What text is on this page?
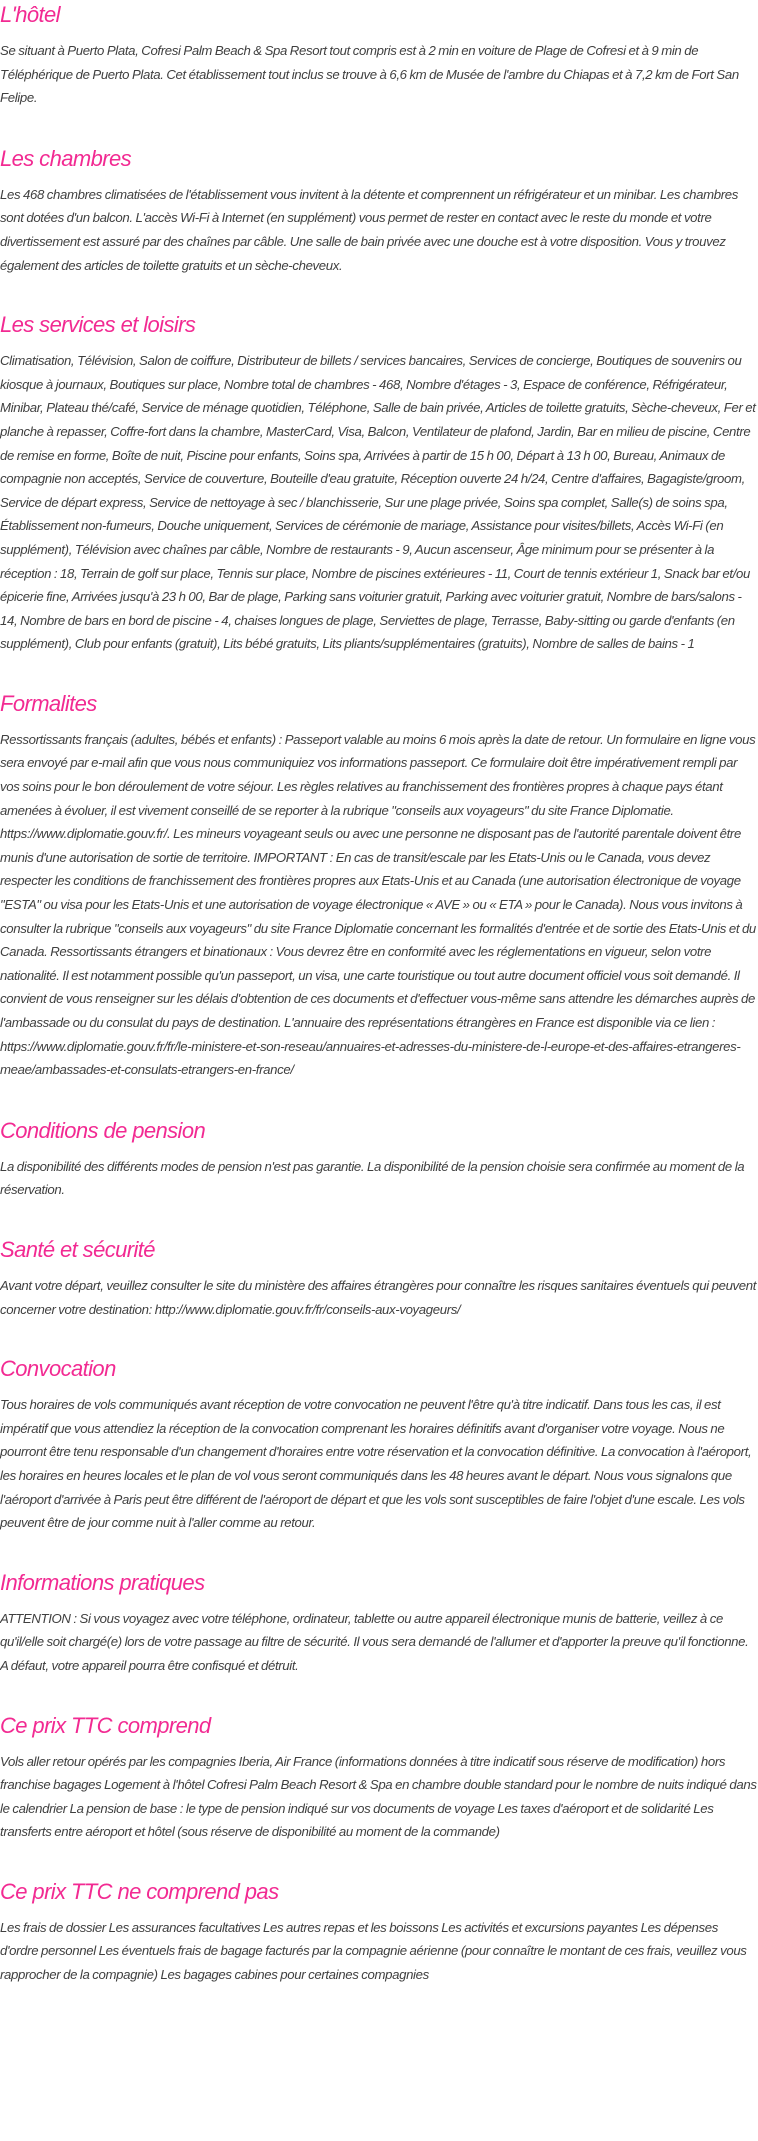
L'hôtel

Se situant à Puerto Plata, Cofresi Palm Beach & Spa Resort tout compris est à 2 min en voiture de Plage de Cofresi et à 9 min de Téléphérique de Puerto Plata. Cet établissement tout inclus se trouve à 6,6 km de Musée de l'ambre du Chiapas et à 7,2 km de Fort San Felipe.

Les chambres

Les 468 chambres climatisées de l'établissement vous invitent à la détente et comprennent un réfrigérateur et un minibar. Les chambres sont dotées d'un balcon. L'accès Wi-Fi à Internet (en supplément) vous permet de rester en contact avec le reste du monde et votre divertissement est assuré par des chaînes par câble. Une salle de bain privée avec une douche est à votre disposition. Vous y trouvez également des articles de toilette gratuits et un sèche-cheveux.

Les services et loisirs

Climatisation, Télévision, Salon de coiffure, Distributeur de billets / services bancaires, Services de concierge, Boutiques de souvenirs ou kiosque à journaux, Boutiques sur place, Nombre total de chambres - 468, Nombre d'étages - 3, Espace de conférence, Réfrigérateur, Minibar, Plateau thé/café, Service de ménage quotidien, Téléphone, Salle de bain privée, Articles de toilette gratuits, Sèche-cheveux, Fer et planche à repasser, Coffre-fort dans la chambre, MasterCard, Visa, Balcon, Ventilateur de plafond, Jardin, Bar en milieu de piscine, Centre de remise en forme, Boîte de nuit, Piscine pour enfants, Soins spa, Arrivées à partir de 15 h 00, Départ à 13 h 00, Bureau, Animaux de compagnie non acceptés, Service de couverture, Bouteille d'eau gratuite, Réception ouverte 24 h/24, Centre d'affaires, Bagagiste/groom, Service de départ express, Service de nettoyage à sec / blanchisserie, Sur une plage privée, Soins spa complet, Salle(s) de soins spa, Établissement non-fumeurs, Douche uniquement, Services de cérémonie de mariage, Assistance pour visites/billets, Accès Wi-Fi (en supplément), Télévision avec chaînes par câble, Nombre de restaurants - 9, Aucun ascenseur, Âge minimum pour se présenter à la réception : 18, Terrain de golf sur place, Tennis sur place, Nombre de piscines extérieures - 11, Court de tennis extérieur 1, Snack bar et/ou épicerie fine, Arrivées jusqu'à 23 h 00, Bar de plage, Parking sans voiturier gratuit, Parking avec voiturier gratuit, Nombre de bars/salons - 14, Nombre de bars en bord de piscine - 4, chaises longues de plage, Serviettes de plage, Terrasse, Baby-sitting ou garde d'enfants (en supplément), Club pour enfants (gratuit), Lits bébé gratuits, Lits pliants/supplémentaires (gratuits), Nombre de salles de bains - 1

Formalites

Ressortissants français (adultes, bébés et enfants) : Passeport valable au moins 6 mois après la date de retour. Un formulaire en ligne vous sera envoyé par e-mail afin que vous nous communiquiez vos informations passeport. Ce formulaire doit être impérativement rempli par vos soins pour le bon déroulement de votre séjour. Les règles relatives au franchissement des frontières propres à chaque pays étant amenées à évoluer, il est vivement conseillé de se reporter à la rubrique "conseils aux voyageurs" du site France Diplomatie. https://www.diplomatie.gouv.fr/. Les mineurs voyageant seuls ou avec une personne ne disposant pas de l'autorité parentale doivent être munis d'une autorisation de sortie de territoire. IMPORTANT : En cas de transit/escale par les Etats-Unis ou le Canada, vous devez respecter les conditions de franchissement des frontières propres aux Etats-Unis et au Canada (une autorisation électronique de voyage "ESTA" ou visa pour les Etats-Unis et une autorisation de voyage électronique « AVE » ou « ETA » pour le Canada). Nous vous invitons à consulter la rubrique "conseils aux voyageurs" du site France Diplomatie concernant les formalités d'entrée et de sortie des Etats-Unis et du Canada. Ressortissants étrangers et binationaux : Vous devrez être en conformité avec les réglementations en vigueur, selon votre nationalité. Il est notamment possible qu'un passeport, un visa, une carte touristique ou tout autre document officiel vous soit demandé. Il convient de vous renseigner sur les délais d'obtention de ces documents et d'effectuer vous-même sans attendre les démarches auprès de l'ambassade ou du consulat du pays de destination. L'annuaire des représentations étrangères en France est disponible via ce lien : https://www.diplomatie.gouv.fr/fr/le-ministere-et-son-reseau/annuaires-et-adresses-du-ministere-de-l-europe-et-des-affaires-etrangeres-meae/ambassades-et-consulats-etrangers-en-france/

Conditions de pension

La disponibilité des différents modes de pension n'est pas garantie. La disponibilité de la pension choisie sera confirmée au moment de la réservation.

Santé et sécurité

Avant votre départ, veuillez consulter le site du ministère des affaires étrangères pour connaître les risques sanitaires éventuels qui peuvent concerner votre destination: http://www.diplomatie.gouv.fr/fr/conseils-aux-voyageurs/

Convocation

Tous horaires de vols communiqués avant réception de votre convocation ne peuvent l'être qu'à titre indicatif. Dans tous les cas, il est impératif que vous attendiez la réception de la convocation comprenant les horaires définitifs avant d'organiser votre voyage. Nous ne pourront être tenu responsable d'un changement d'horaires entre votre réservation et la convocation définitive. La convocation à l'aéroport, les horaires en heures locales et le plan de vol vous seront communiqués dans les 48 heures avant le départ. Nous vous signalons que l'aéroport d'arrivée à Paris peut être différent de l'aéroport de départ et que les vols sont susceptibles de faire l'objet d'une escale. Les vols peuvent être de jour comme nuit à l'aller comme au retour.

Informations pratiques

ATTENTION : Si vous voyagez avec votre téléphone, ordinateur, tablette ou autre appareil électronique munis de batterie, veillez à ce qu'il/elle soit chargé(e) lors de votre passage au filtre de sécurité. Il vous sera demandé de l'allumer et d'apporter la preuve qu'il fonctionne. A défaut, votre appareil pourra être confisqué et détruit.

Ce prix TTC comprend

Vols aller retour opérés par les compagnies Iberia, Air France (informations données à titre indicatif sous réserve de modification) hors franchise bagages Logement à l'hôtel Cofresi Palm Beach Resort & Spa en chambre double standard pour le nombre de nuits indiqué dans le calendrier La pension de base : le type de pension indiqué sur vos documents de voyage Les taxes d'aéroport et de solidarité Les transferts entre aéroport et hôtel (sous réserve de disponibilité au moment de la commande)

Ce prix TTC ne comprend pas

Les frais de dossier Les assurances facultatives Les autres repas et les boissons Les activités et excursions payantes Les dépenses d'ordre personnel Les éventuels frais de bagage facturés par la compagnie aérienne (pour connaître le montant de ces frais, veuillez vous rapprocher de la compagnie) Les bagages cabines pour certaines compagnies
